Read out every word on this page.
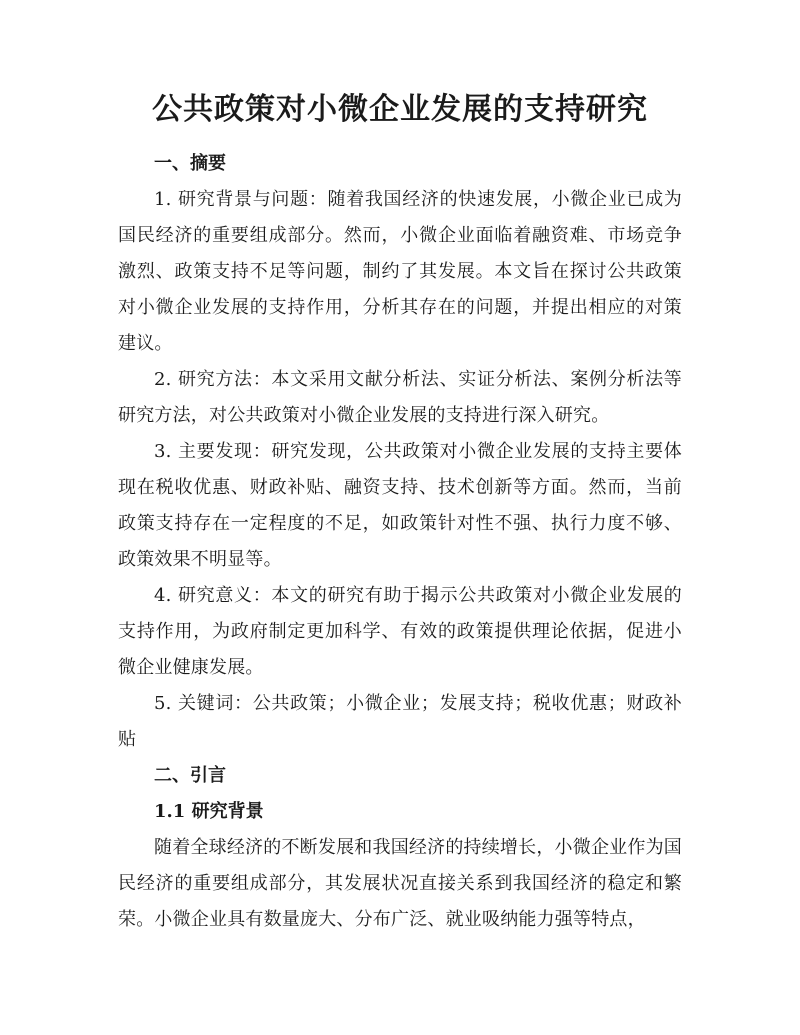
公共政策对小微企业发展的支持研究
一、摘要

1. 研究背景与问题：随着我国经济的快速发展，小微企业已成为国民经济的重要组成部分。然而，小微企业面临着融资难、市场竞争激烈、政策支持不足等问题，制约了其发展。本文旨在探讨公共政策对小微企业发展的支持作用，分析其存在的问题，并提出相应的对策建议。

2. 研究方法：本文采用文献分析法、实证分析法、案例分析法等研究方法，对公共政策对小微企业发展的支持进行深入研究。

3. 主要发现：研究发现，公共政策对小微企业发展的支持主要体现在税收优惠、财政补贴、融资支持、技术创新等方面。然而，当前政策支持存在一定程度的不足，如政策针对性不强、执行力度不够、政策效果不明显等。

4. 研究意义：本文的研究有助于揭示公共政策对小微企业发展的支持作用，为政府制定更加科学、有效的政策提供理论依据，促进小微企业健康发展。

5. 关键词：公共政策；小微企业；发展支持；税收优惠；财政补贴

二、引言
1.1 研究背景

随着全球经济的不断发展和我国经济的持续增长，小微企业作为国民经济的重要组成部分，其发展状况直接关系到我国经济的稳定和繁荣。小微企业具有数量庞大、分布广泛、就业吸纳能力强等特点，
